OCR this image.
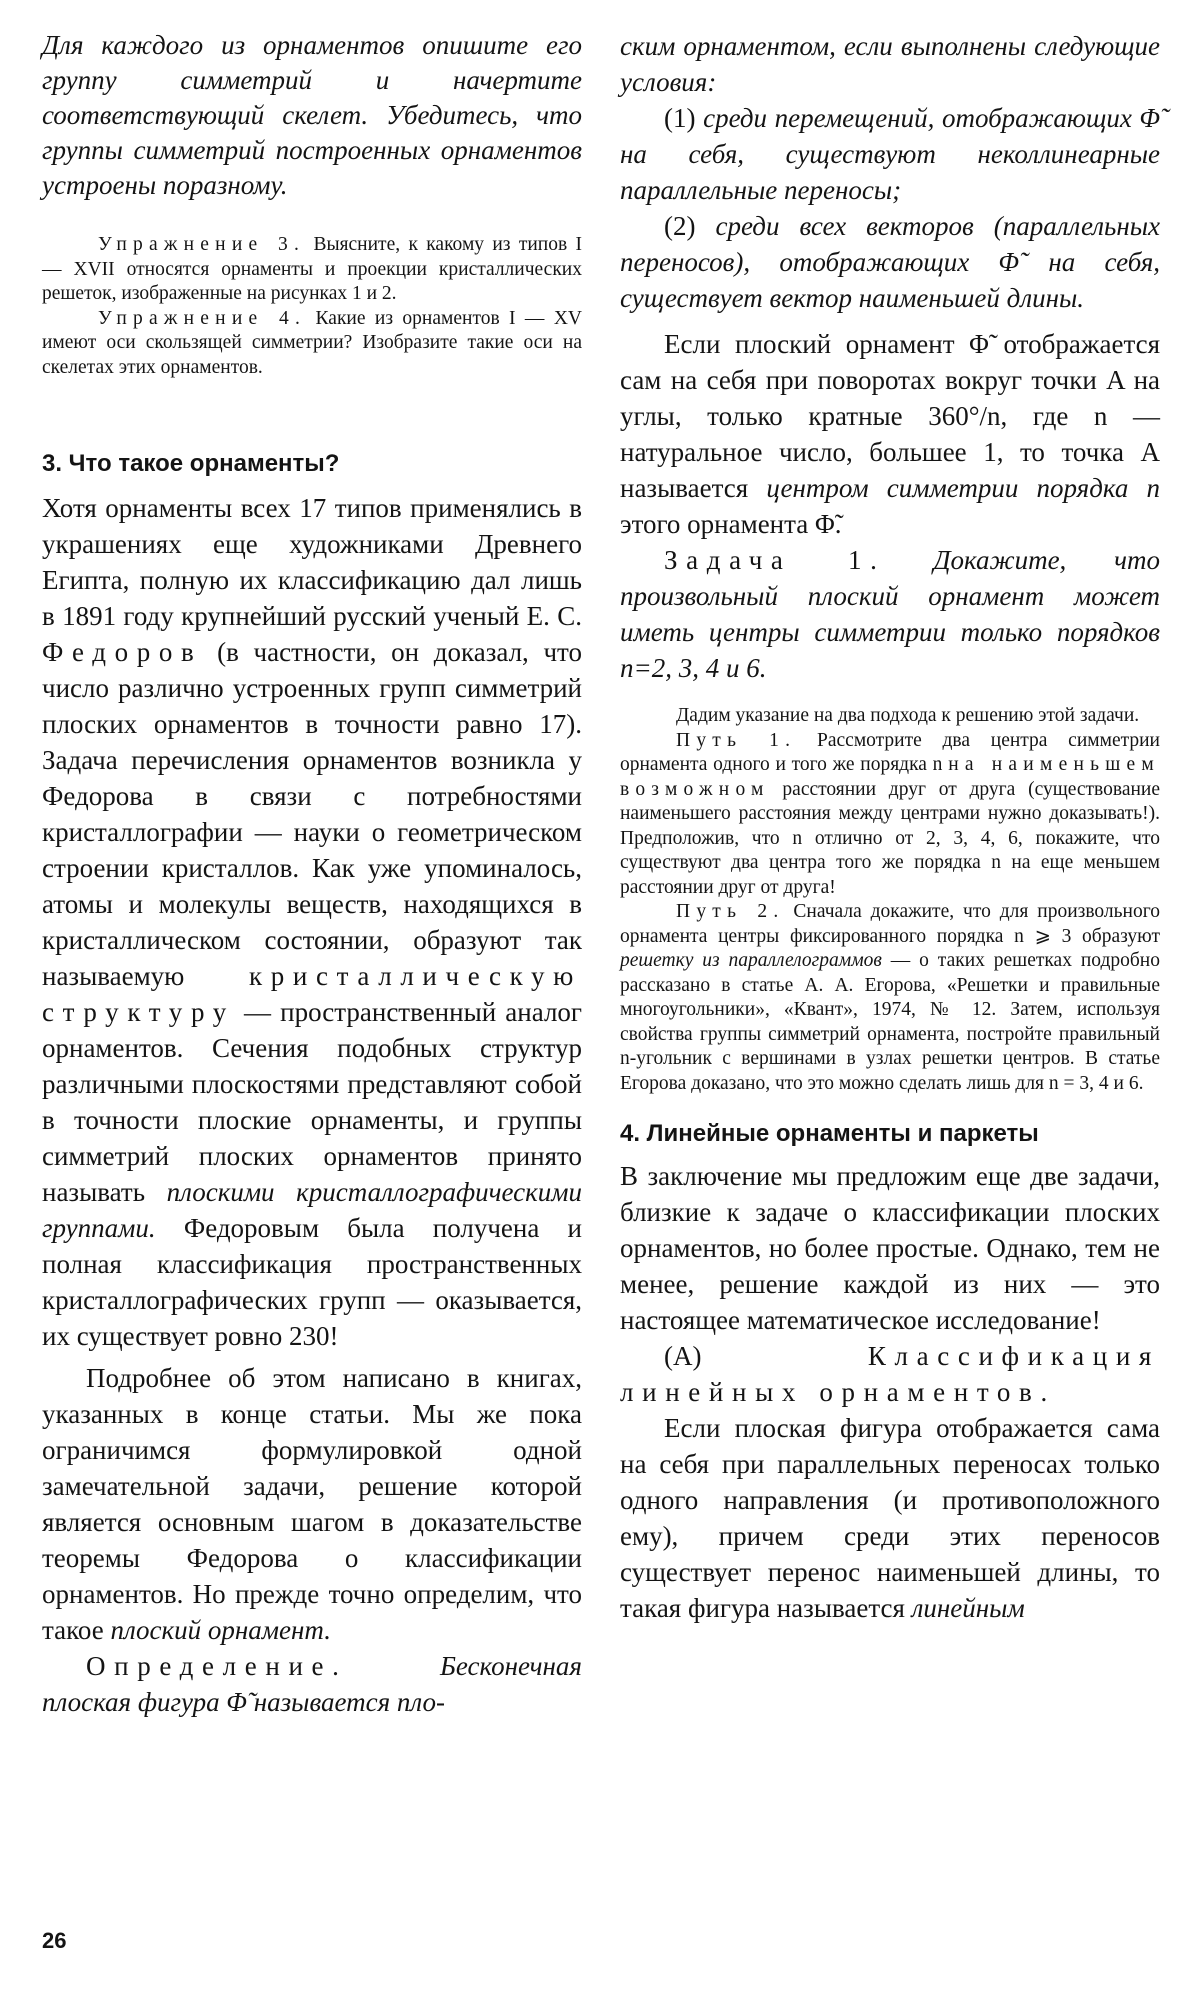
Для каждого из орнаментов опишите его группу симметрий и начертите соответствующий скелет. Убедитесь, что группы симметрий построенных орнаментов устроены поразному.

Упражнение 3. Выясните, к какому из типов I — XVII относятся орнаменты и проекции кристаллических решеток, изображенные на рисунках 1 и 2.

Упражнение 4. Какие из орнаментов I — XV имеют оси скользящей симметрии? Изобразите такие оси на скелетах этих орнаментов.

3. Что такое орнаменты?

Хотя орнаменты всех 17 типов применялись в украшениях еще художниками Древнего Египта, полную их классификацию дал лишь в 1891 году крупнейший русский ученый Е. С. Федоров (в частности, он доказал, что число различно устроенных групп симметрий плоских орнаментов в точности равно 17). Задача перечисления орнаментов возникла у Федорова в связи с потребностями кристаллографии — науки о геометрическом строении кристаллов. Как уже упоминалось, атомы и молекулы веществ, находящихся в кристаллическом состоянии, образуют так называемую кристаллическую структуру — пространственный аналог орнаментов. Сечения подобных структур различными плоскостями представляют собой в точности плоские орнаменты, и группы симметрий плоских орнаментов принято называть плоскими кристаллографическими группами. Федоровым была получена и полная классификация пространственных кристаллографических групп — оказывается, их существует ровно 230!

Подробнее об этом написано в книгах, указанных в конце статьи. Мы же пока ограничимся формулировкой одной замечательной задачи, решение которой является основным шагом в доказательстве теоремы Федорова о классификации орнаментов. Но прежде точно определим, что такое плоский орнамент.

Определение.	Бесконечная плоская фигура Φ̃ называется пло-

ским орнаментом, если выполнены следующие условия:

(1) среди перемещений, отображающих Φ̃ на себя, существуют неколлинеарные параллельные переносы;

(2) среди всех векторов (параллельных переносов), отображающих Φ̃ на себя, существует вектор наименьшей длины.

Если плоский орнамент Φ̃ отображается сам на себя при поворотах вокруг точки A на углы, только кратные 360°/n, где n — натуральное число, большее 1, то точка A называется центром симметрии порядка n этого орнамента Φ̃.

Задача 1. Докажите, что произвольный плоский орнамент может иметь центры симметрии только порядков n=2, 3, 4 и 6.

Дадим указание на два подхода к решению этой задачи.

Путь 1. Рассмотрите два центра симметрии орнамента одного и того же порядка n на наименьшем возможном расстоянии друг от друга (существование наименьшего расстояния между центрами нужно доказывать!). Предположив, что n отлично от 2, 3, 4, 6, покажите, что существуют два центра того же порядка n на еще меньшем расстоянии друг от друга!

Путь 2. Сначала докажите, что для произвольного орнамента центры фиксированного порядка n ⩾ 3 образуют решетку из параллелограммов — о таких решетках подробно рассказано в статье А. А. Егорова, «Решетки и правильные многоугольники», «Квант», 1974, № 12. Затем, используя свойства группы симметрий орнамента, постройте правильный n-угольник с вершинами в узлах решетки центров. В статье Егорова доказано, что это можно сделать лишь для n = 3, 4 и 6.

4. Линейные орнаменты и паркеты

В заключение мы предложим еще две задачи, близкие к задаче о классификации плоских орнаментов, но более простые. Однако, тем не менее, решение каждой из них — это настоящее математическое исследование!

(А)	Классификация линейных орнаментов.

Если плоская фигура отображается сама на себя при параллельных переносах только одного направления (и противоположного ему), причем среди этих переносов существует перенос наименьшей длины, то такая фигура называется линейным

26
